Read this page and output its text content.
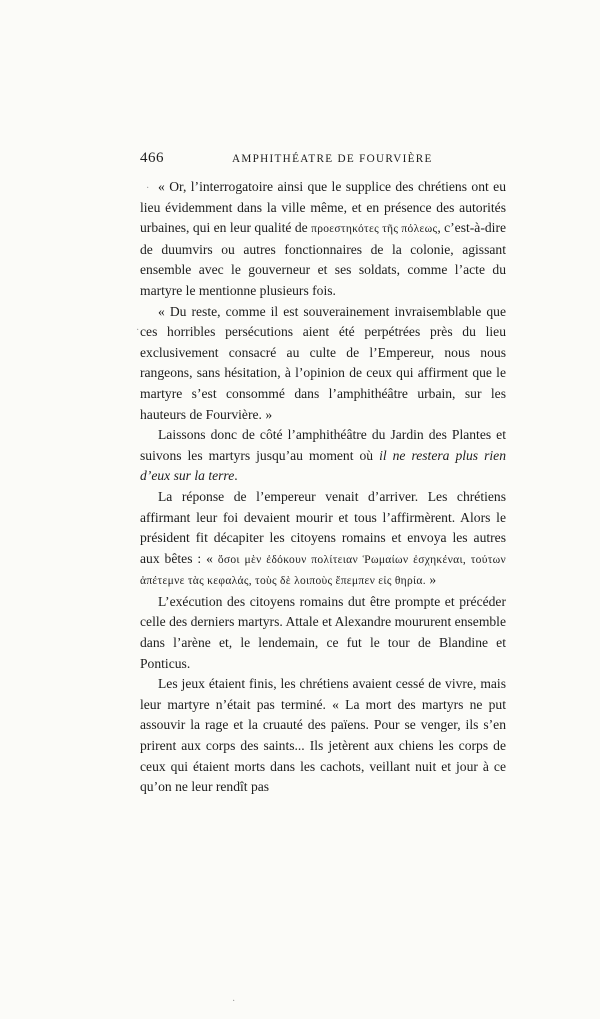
466	AMPHITHÉATRE DE FOURVIÈRE

« Or, l’interrogatoire ainsi que le supplice des chrétiens ont eu lieu évidemment dans la ville même, et en présence des autorités urbaines, qui en leur qualité de προεστηκότες τῆς πόλεως, c’est-à-dire de duumvirs ou autres fonctionnaires de la colonie, agissant ensemble avec le gouverneur et ses soldats, comme l’acte du martyre le mentionne plusieurs fois.

« Du reste, comme il est souverainement invraisemblable que ces horribles persécutions aient été perpétrées près du lieu exclusivement consacré au culte de l’Empereur, nous nous rangeons, sans hésitation, à l’opinion de ceux qui affirment que le martyre s’est consommé dans l’amphithéâtre urbain, sur les hauteurs de Fourvière. »

Laissons donc de côté l’amphithéâtre du Jardin des Plantes et suivons les martyrs jusqu’au moment où il ne restera plus rien d’eux sur la terre.

La réponse de l’empereur venait d’arriver. Les chrétiens affirmant leur foi devaient mourir et tous l’affirmèrent. Alors le président fit décapiter les citoyens romains et envoya les autres aux bêtes : « ὅσοι μὲν ἐδόκουν πολίτειαν Ῥωμαίων ἐσχηκέναι, τούτων ἀπέτεμνε τὰς κεφαλάς, τοὺς δὲ λοιποὺς ἔπεμπεν εἰς θηρία. »

L’exécution des citoyens romains dut être prompte et précéder celle des derniers martyrs. Attale et Alexandre moururent ensemble dans l’arène et, le lendemain, ce fut le tour de Blandine et Ponticus.

Les jeux étaient finis, les chrétiens avaient cessé de vivre, mais leur martyre n’était pas terminé. « La mort des martyrs ne put assouvir la rage et la cruauté des païens. Pour se venger, ils s’en prirent aux corps des saints... Ils jetèrent aux chiens les corps de ceux qui étaient morts dans les cachots, veillant nuit et jour à ce qu’on ne leur rendît pas

·
·
·
